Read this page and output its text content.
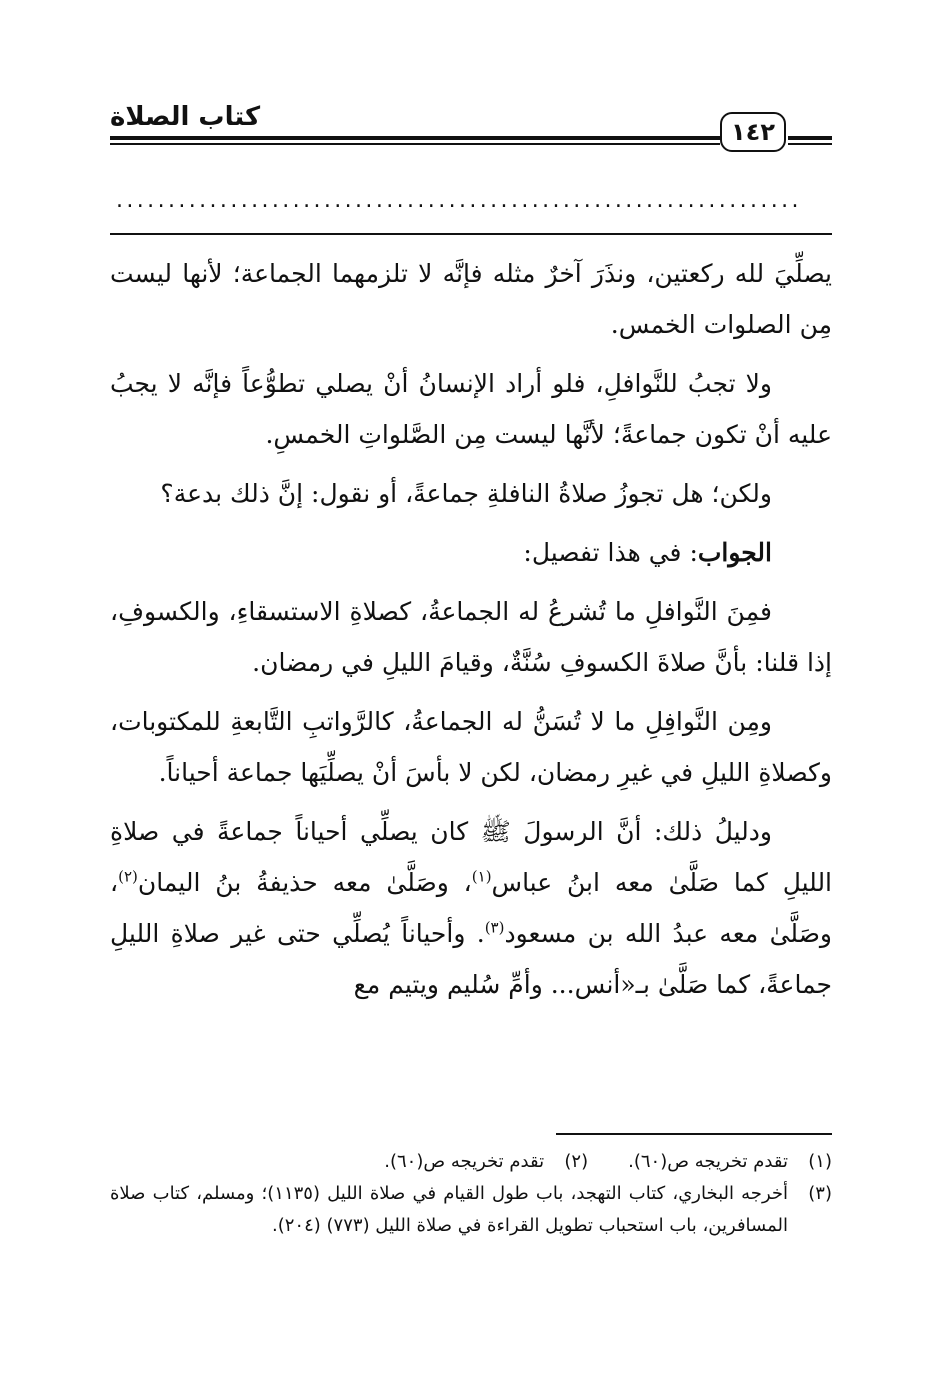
كتاب الصلاة	١٤٢
..................................................................

يصلِّيَ لله ركعتين، ونذَرَ آخرٌ مثله فإنَّه لا تلزمهما الجماعة؛ لأنها ليست مِن الصلوات الخمس.

ولا تجبُ للنَّوافلِ، فلو أراد الإنسانُ أنْ يصلي تطوُّعاً فإنَّه لا يجبُ عليه أنْ تكون جماعةً؛ لأنَّها ليست مِن الصَّلواتِ الخمسِ.

ولكن؛ هل تجوزُ صلاةُ النافلةِ جماعةً، أو نقول: إنَّ ذلك بدعة؟

الجواب: في هذا تفصيل:

فمِنَ النَّوافلِ ما تُشرعُ له الجماعةُ، كصلاةِ الاستسقاءِ، والكسوفِ، إذا قلنا: بأنَّ صلاةَ الكسوفِ سُنَّةٌ، وقيامَ الليلِ في رمضان.

ومِن النَّوافِلِ ما لا تُسَنُّ له الجماعةُ، كالرَّواتبِ التَّابعةِ للمكتوبات، وكصلاةِ الليلِ في غيرِ رمضان، لكن لا بأسَ أنْ يصلِّيَها جماعة أحياناً.

ودليلُ ذلك: أنَّ الرسولَ ﷺ كان يصلِّي أحياناً جماعةً في صلاةِ الليلِ كما صَلَّىٰ معه ابنُ عباس$^{(١)}$، وصَلَّىٰ معه حذيفةُ بنُ اليمان$^{(٢)}$، وصَلَّىٰ معه عبدُ الله بن مسعود$^{(٣)}$. وأحياناً يُصلِّي حتى غير صلاةِ الليلِ جماعةً، كما صَلَّىٰ بـ«أنس... وأمِّ سُليم ويتيم مع

(١)
تقدم تخريجه ص(٦٠).
(٢)
تقدم تخريجه ص(٦٠).
(٣)
أخرجه البخاري، كتاب التهجد، باب طول القيام في صلاة الليل (١١٣٥)؛ ومسلم، كتاب صلاة المسافرين، باب استحباب تطويل القراءة في صلاة الليل (٧٧٣) (٢٠٤).
